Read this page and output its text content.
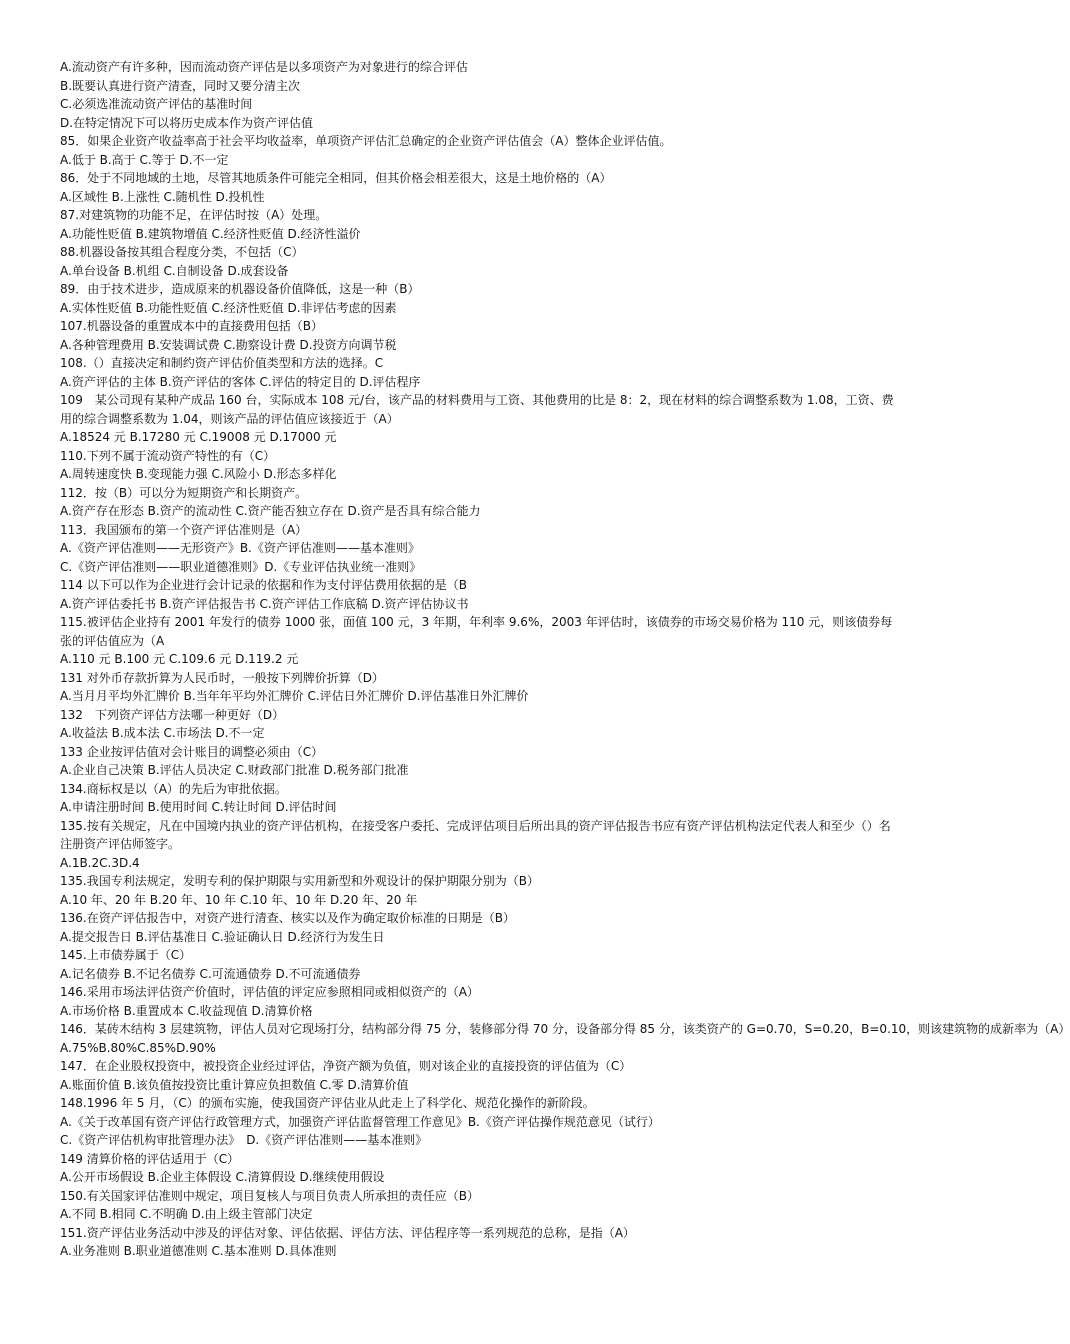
A.流动资产有许多种，因而流动资产评估是以多项资产为对象进行的综合评估
B.既要认真进行资产清查，同时又要分清主次
C.必须选准流动资产评估的基准时间
D.在特定情况下可以将历史成本作为资产评估值
85．如果企业资产收益率高于社会平均收益率，单项资产评估汇总确定的企业资产评估值会（A）整体企业评估值。
A.低于 B.高于 C.等于 D.不一定
86．处于不同地域的土地，尽管其地质条件可能完全相同，但其价格会相差很大，这是土地价格的（A）
A.区域性 B.上涨性 C.随机性 D.投机性
87.对建筑物的功能不足，在评估时按（A）处理。
A.功能性贬值 B.建筑物增值 C.经济性贬值 D.经济性溢价
88.机器设备按其组合程度分类，不包括（C）
A.单台设备 B.机组 C.自制设备 D.成套设备
89．由于技术进步，造成原来的机器设备价值降低，这是一种（B）
A.实体性贬值 B.功能性贬值 C.经济性贬值 D.非评估考虑的因素
107.机器设备的重置成本中的直接费用包括（B）
A.各种管理费用 B.安装调试费 C.勘察设计费 D.投资方向调节税
108.（）直接决定和制约资产评估价值类型和方法的选择。C
A.资产评估的主体 B.资产评估的客体 C.评估的特定目的 D.评估程序
109　某公司现有某种产成品 160 台，实际成本 108 元/台，该产品的材料费用与工资、其他费用的比是 8：2，现在材料的综合调整系数为 1.08，工资、费用的综合调整系数为 1.04，则该产品的评估值应该接近于（A）
A.18524 元 B.17280 元 C.19008 元 D.17000 元
110.下列不属于流动资产特性的有（C）
A.周转速度快 B.变现能力强 C.风险小 D.形态多样化
112．按（B）可以分为短期资产和长期资产。
A.资产存在形态 B.资产的流动性 C.资产能否独立存在 D.资产是否具有综合能力
113．我国颁布的第一个资产评估准则是（A）
A.《资产评估准则——无形资产》B.《资产评估准则——基本准则》
C.《资产评估准则——职业道德准则》D.《专业评估执业统一准则》
114 以下可以作为企业进行会计记录的依据和作为支付评估费用依据的是（B
A.资产评估委托书 B.资产评估报告书 C.资产评估工作底稿 D.资产评估协议书
115.被评估企业持有 2001 年发行的债券 1000 张，面值 100 元，3 年期，年利率 9.6%，2003 年评估时，该债券的市场交易价格为 110 元，则该债券每张的评估值应为（A
A.110 元 B.100 元 C.109.6 元 D.119.2 元
131 对外币存款折算为人民币时，一般按下列牌价折算（D）
A.当月月平均外汇牌价 B.当年年平均外汇牌价 C.评估日外汇牌价 D.评估基准日外汇牌价
132　下列资产评估方法哪一种更好（D）
A.收益法 B.成本法 C.市场法 D.不一定
133 企业按评估值对会计账目的调整必须由（C）
A.企业自己决策 B.评估人员决定 C.财政部门批准 D.税务部门批准
134.商标权是以（A）的先后为审批依据。
A.申请注册时间 B.使用时间 C.转让时间 D.评估时间
135.按有关规定，凡在中国境内执业的资产评估机构，在接受客户委托、完成评估项目后所出具的资产评估报告书应有资产评估机构法定代表人和至少（）名注册资产评估师签字。
A.1B.2C.3D.4
135.我国专利法规定，发明专利的保护期限与实用新型和外观设计的保护期限分别为（B）
A.10 年、20 年 B.20 年、10 年 C.10 年、10 年 D.20 年、20 年
136.在资产评估报告中，对资产进行清查、核实以及作为确定取价标准的日期是（B）
A.提交报告日 B.评估基准日 C.验证确认日 D.经济行为发生日
145.上市债券属于（C）
A.记名债券 B.不记名债券 C.可流通债券 D.不可流通债券
146.采用市场法评估资产价值时，评估值的评定应参照相同或相似资产的（A）
A.市场价格 B.重置成本 C.收益现值 D.清算价格
146．某砖木结构 3 层建筑物，评估人员对它现场打分，结构部分得 75 分，装修部分得 70 分，设备部分得 85 分，该类资产的 G=0.70，S=0.20，B=0.10，则该建筑物的成新率为（A）
A.75%B.80%C.85%D.90%
147．在企业股权投资中，被投资企业经过评估，净资产额为负值，则对该企业的直接投资的评估值为（C）
A.账面价值 B.该负值按投资比重计算应负担数值 C.零 D.清算价值
148.1996 年 5 月，（C）的颁布实施，使我国资产评估业从此走上了科学化、规范化操作的新阶段。
A.《关于改革国有资产评估行政管理方式，加强资产评估监督管理工作意见》B.《资产评估操作规范意见（试行）
C.《资产评估机构审批管理办法》　D.《资产评估准则——基本准则》
149 清算价格的评估适用于（C）
A.公开市场假设 B.企业主体假设 C.清算假设 D.继续使用假设
150.有关国家评估准则中规定，项目复核人与项目负责人所承担的责任应（B）
A.不同 B.相同 C.不明确 D.由上级主管部门决定
151.资产评估业务活动中涉及的评估对象、评估依据、评估方法、评估程序等一系列规范的总称，是指（A）
A.业务准则 B.职业道德准则 C.基本准则 D.具体准则
